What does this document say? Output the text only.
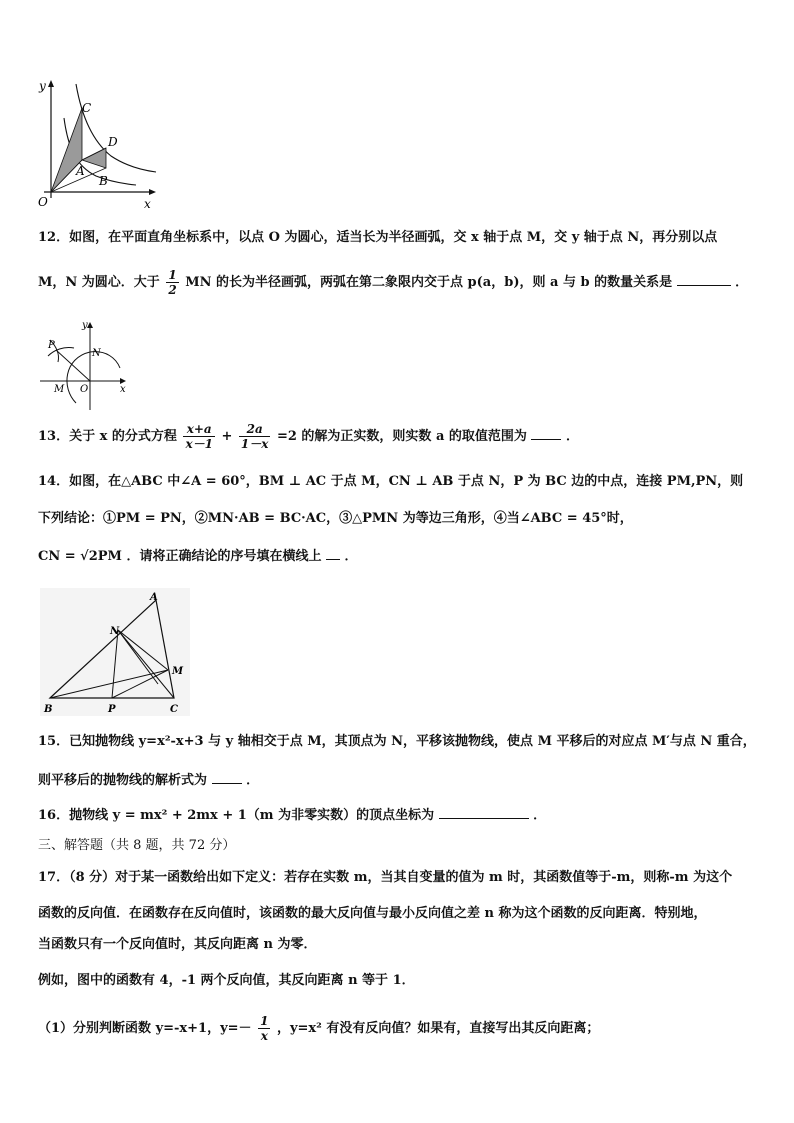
y
x
O
C
D
A
B
12．如图，在平面直角坐标系中，以点 O 为圆心，适当长为半径画弧，交 x 轴于点 M，交 y 轴于点 N，再分别以点
M，N 为圆心．大于 $\frac{1}{2}$ MN 的长为半径画弧，两弧在第二象限内交于点 p(a，b)，则 a 与 b 的数量关系是	．
y
x
P
N
M O
13．关于 x 的分式方程 $\frac{x+a}{x-1} + \frac{2a}{1-x} =2$ 的解为正实数，则实数 a 的取值范围为	．
14．如图，在△ABC 中∠A = 60°，BM ⊥ AC 于点 M，CN ⊥ AB 于点 N，P 为 BC 边的中点，连接 PM,PN，则
下列结论：①PM = PN，②MN·AB = BC·AC，③△PMN 为等边三角形，④当∠ABC = 45°时，
CN = √2PM ．请将正确结论的序号填在横线上 ．
A
N
M
B	P	C
15．已知抛物线 y=x²-x+3 与 y 轴相交于点 M，其顶点为 N，平移该抛物线，使点 M 平移后的对应点 M′与点 N 重合，
则平移后的抛物线的解析式为	．
16．抛物线 y = mx² + 2mx + 1（m 为非零实数）的顶点坐标为	．
三、解答题（共 8 题，共 72 分）
17．（8 分）对于某一函数给出如下定义：若存在实数 m，当其自变量的值为 m 时，其函数值等于-m，则称-m 为这个
函数的反向值．在函数存在反向值时，该函数的最大反向值与最小反向值之差 n 称为这个函数的反向距离．特别地，
当函数只有一个反向值时，其反向距离 n 为零．
例如，图中的函数有 4，-1 两个反向值，其反向距离 n 等于 1．
（1）分别判断函数 y=-x+1，$y=- \frac{1}{x}$ ，y=x² 有没有反向值？如果有，直接写出其反向距离；
